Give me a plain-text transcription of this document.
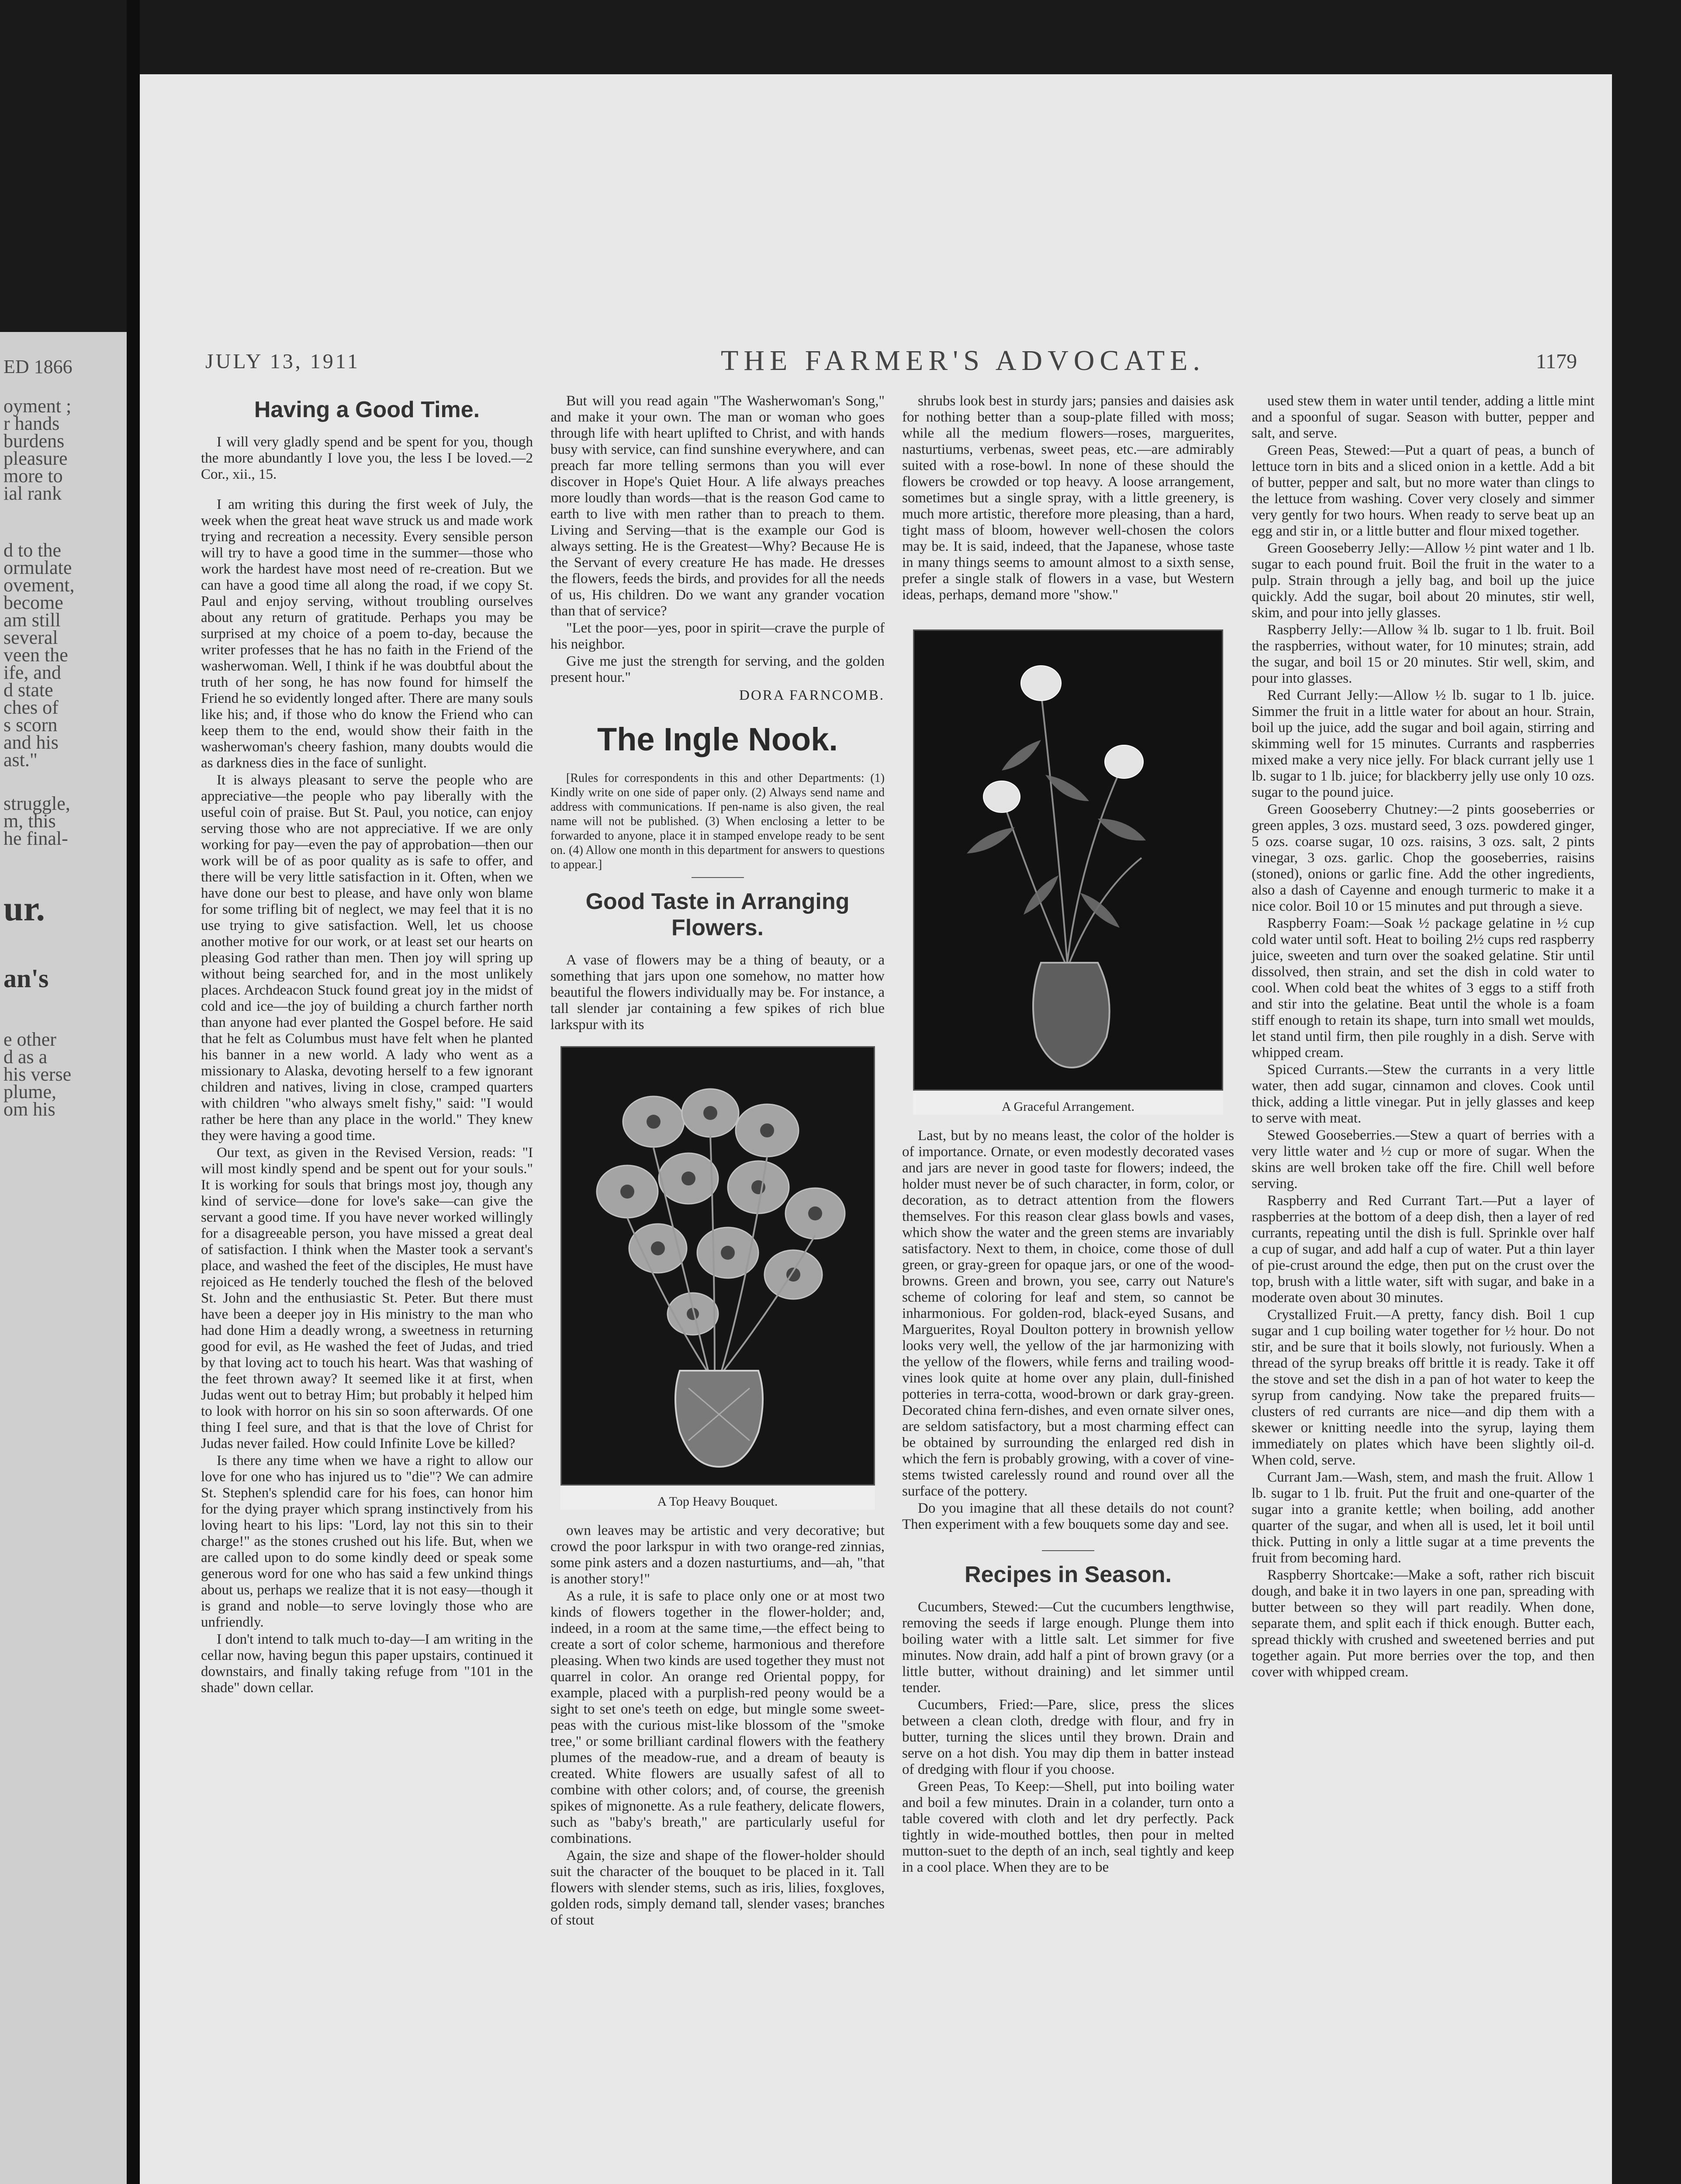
ED 1866
oyment ;
r hands
burdens
pleasure
more to
ial rank
d to the
ormulate
ovement,
become
am still
several
veen the
ife, and
d state
ches of
s scorn
and his
ast."
struggle,
m, this
he final-
ur.
an's
e other
d as a
his verse
plume,
om his
JULY 13, 1911	THE FARMER'S ADVOCATE.	1179
Having a Good Time.

I will very gladly spend and be spent for you, though the more abundantly I love you, the less I be loved.—2 Cor., xii., 15.

I am writing this during the first week of July, the week when the great heat wave struck us and made work trying and recreation a necessity. Every sensible person will try to have a good time in the summer—those who work the hardest have most need of re-creation. But we can have a good time all along the road, if we copy St. Paul and enjoy serving, without troubling ourselves about any return of gratitude. Perhaps you may be surprised at my choice of a poem to-day, because the writer professes that he has no faith in the Friend of the washerwoman. Well, I think if he was doubtful about the truth of her song, he has now found for himself the Friend he so evidently longed after. There are many souls like his; and, if those who do know the Friend who can keep them to the end, would show their faith in the washerwoman's cheery fashion, many doubts would die as darkness dies in the face of sunlight.

It is always pleasant to serve the people who are appreciative—the people who pay liberally with the useful coin of praise. But St. Paul, you notice, can enjoy serving those who are not appreciative. If we are only working for pay—even the pay of approbation—then our work will be of as poor quality as is safe to offer, and there will be very little satisfaction in it. Often, when we have done our best to please, and have only won blame for some trifling bit of neglect, we may feel that it is no use trying to give satisfaction. Well, let us choose another motive for our work, or at least set our hearts on pleasing God rather than men. Then joy will spring up without being searched for, and in the most unlikely places. Archdeacon Stuck found great joy in the midst of cold and ice—the joy of building a church farther north than anyone had ever planted the Gospel before. He said that he felt as Columbus must have felt when he planted his banner in a new world. A lady who went as a missionary to Alaska, devoting herself to a few ignorant children and natives, living in close, cramped quarters with children "who always smelt fishy," said: "I would rather be here than any place in the world." They knew they were having a good time.

Our text, as given in the Revised Version, reads: "I will most kindly spend and be spent out for your souls." It is working for souls that brings most joy, though any kind of service—done for love's sake—can give the servant a good time. If you have never worked willingly for a disagreeable person, you have missed a great deal of satisfaction. I think when the Master took a servant's place, and washed the feet of the disciples, He must have rejoiced as He tenderly touched the flesh of the beloved St. John and the enthusiastic St. Peter. But there must have been a deeper joy in His ministry to the man who had done Him a deadly wrong, a sweetness in returning good for evil, as He washed the feet of Judas, and tried by that loving act to touch his heart. Was that washing of the feet thrown away? It seemed like it at first, when Judas went out to betray Him; but probably it helped him to look with horror on his sin so soon afterwards. Of one thing I feel sure, and that is that the love of Christ for Judas never failed. How could Infinite Love be killed?

Is there any time when we have a right to allow our love for one who has injured us to "die"? We can admire St. Stephen's splendid care for his foes, can honor him for the dying prayer which sprang instinctively from his loving heart to his lips: "Lord, lay not this sin to their charge!" as the stones crushed out his life. But, when we are called upon to do some kindly deed or speak some generous word for one who has said a few unkind things about us, perhaps we realize that it is not easy—though it is grand and noble—to serve lovingly those who are unfriendly.

I don't intend to talk much to-day—I am writing in the cellar now, having begun this paper upstairs, continued it downstairs, and finally taking refuge from "101 in the shade" down cellar.

But will you read again "The Washerwoman's Song," and make it your own. The man or woman who goes through life with heart uplifted to Christ, and with hands busy with service, can find sunshine everywhere, and can preach far more telling sermons than you will ever discover in Hope's Quiet Hour. A life always preaches more loudly than words—that is the reason God came to earth to live with men rather than to preach to them. Living and Serving—that is the example our God is always setting. He is the Greatest—Why? Because He is the Servant of every creature He has made. He dresses the flowers, feeds the birds, and provides for all the needs of us, His children. Do we want any grander vocation than that of service?

"Let the poor—yes, poor in spirit—crave the purple of his neighbor.

Give me just the strength for serving, and the golden present hour."

DORA FARNCOMB.
The Ingle Nook.

[Rules for correspondents in this and other Departments: (1) Kindly write on one side of paper only. (2) Always send name and address with communications. If pen-name is also given, the real name will not be published. (3) When enclosing a letter to be forwarded to anyone, place it in stamped envelope ready to be sent on. (4) Allow one month in this department for answers to questions to appear.]

Good Taste in Arranging Flowers.

A vase of flowers may be a thing of beauty, or a something that jars upon one somehow, no matter how beautiful the flowers individually may be. For instance, a tall slender jar containing a few spikes of rich blue larkspur with its

A Top Heavy Bouquet.

own leaves may be artistic and very decorative; but crowd the poor larkspur in with two orange-red zinnias, some pink asters and a dozen nasturtiums, and—ah, "that is another story!"

As a rule, it is safe to place only one or at most two kinds of flowers together in the flower-holder; and, indeed, in a room at the same time,—the effect being to create a sort of color scheme, harmonious and therefore pleasing. When two kinds are used together they must not quarrel in color. An orange red Oriental poppy, for example, placed with a purplish-red peony would be a sight to set one's teeth on edge, but mingle some sweet-peas with the curious mist-like blossom of the "smoke tree," or some brilliant cardinal flowers with the feathery plumes of the meadow-rue, and a dream of beauty is created. White flowers are usually safest of all to combine with other colors; and, of course, the greenish spikes of mignonette. As a rule feathery, delicate flowers, such as "baby's breath," are particularly useful for combinations.

Again, the size and shape of the flower-holder should suit the character of the bouquet to be placed in it. Tall flowers with slender stems, such as iris, lilies, foxgloves, golden rods, simply demand tall, slender vases; branches of stout

shrubs look best in sturdy jars; pansies and daisies ask for nothing better than a soup-plate filled with moss; while all the medium flowers—roses, marguerites, nasturtiums, verbenas, sweet peas, etc.—are admirably suited with a rose-bowl. In none of these should the flowers be crowded or top heavy. A loose arrangement, sometimes but a single spray, with a little greenery, is much more artistic, therefore more pleasing, than a hard, tight mass of bloom, however well-chosen the colors may be. It is said, indeed, that the Japanese, whose taste in many things seems to amount almost to a sixth sense, prefer a single stalk of flowers in a vase, but Western ideas, perhaps, demand more "show."

A Graceful Arrangement.

Last, but by no means least, the color of the holder is of importance. Ornate, or even modestly decorated vases and jars are never in good taste for flowers; indeed, the holder must never be of such character, in form, color, or decoration, as to detract attention from the flowers themselves. For this reason clear glass bowls and vases, which show the water and the green stems are invariably satisfactory. Next to them, in choice, come those of dull green, or gray-green for opaque jars, or one of the wood-browns. Green and brown, you see, carry out Nature's scheme of coloring for leaf and stem, so cannot be inharmonious. For golden-rod, black-eyed Susans, and Marguerites, Royal Doulton pottery in brownish yellow looks very well, the yellow of the jar harmonizing with the yellow of the flowers, while ferns and trailing wood-vines look quite at home over any plain, dull-finished potteries in terra-cotta, wood-brown or dark gray-green. Decorated china fern-dishes, and even ornate silver ones, are seldom satisfactory, but a most charming effect can be obtained by surrounding the enlarged red dish in which the fern is probably growing, with a cover of vine-stems twisted carelessly round and round over all the surface of the pottery.

Do you imagine that all these details do not count? Then experiment with a few bouquets some day and see.

Recipes in Season.

Cucumbers, Stewed:—Cut the cucumbers lengthwise, removing the seeds if large enough. Plunge them into boiling water with a little salt. Let simmer for five minutes. Now drain, add half a pint of brown gravy (or a little butter, without draining) and let simmer until tender.

Cucumbers, Fried:—Pare, slice, press the slices between a clean cloth, dredge with flour, and fry in butter, turning the slices until they brown. Drain and serve on a hot dish. You may dip them in batter instead of dredging with flour if you choose.

Green Peas, To Keep:—Shell, put into boiling water and boil a few minutes. Drain in a colander, turn onto a table covered with cloth and let dry perfectly. Pack tightly in wide-mouthed bottles, then pour in melted mutton-suet to the depth of an inch, seal tightly and keep in a cool place. When they are to be

used stew them in water until tender, adding a little mint and a spoonful of sugar. Season with butter, pepper and salt, and serve.

Green Peas, Stewed:—Put a quart of peas, a bunch of lettuce torn in bits and a sliced onion in a kettle. Add a bit of butter, pepper and salt, but no more water than clings to the lettuce from washing. Cover very closely and simmer very gently for two hours. When ready to serve beat up an egg and stir in, or a little butter and flour mixed together.

Green Gooseberry Jelly:—Allow ½ pint water and 1 lb. sugar to each pound fruit. Boil the fruit in the water to a pulp. Strain through a jelly bag, and boil up the juice quickly. Add the sugar, boil about 20 minutes, stir well, skim, and pour into jelly glasses.

Raspberry Jelly:—Allow ¾ lb. sugar to 1 lb. fruit. Boil the raspberries, without water, for 10 minutes; strain, add the sugar, and boil 15 or 20 minutes. Stir well, skim, and pour into glasses.

Red Currant Jelly:—Allow ½ lb. sugar to 1 lb. juice. Simmer the fruit in a little water for about an hour. Strain, boil up the juice, add the sugar and boil again, stirring and skimming well for 15 minutes. Currants and raspberries mixed make a very nice jelly. For black currant jelly use 1 lb. sugar to 1 lb. juice; for blackberry jelly use only 10 ozs. sugar to the pound juice.

Green Gooseberry Chutney:—2 pints gooseberries or green apples, 3 ozs. mustard seed, 3 ozs. powdered ginger, 5 ozs. coarse sugar, 10 ozs. raisins, 3 ozs. salt, 2 pints vinegar, 3 ozs. garlic. Chop the gooseberries, raisins (stoned), onions or garlic fine. Add the other ingredients, also a dash of Cayenne and enough turmeric to make it a nice color. Boil 10 or 15 minutes and put through a sieve.

Raspberry Foam:—Soak ½ package gelatine in ½ cup cold water until soft. Heat to boiling 2½ cups red raspberry juice, sweeten and turn over the soaked gelatine. Stir until dissolved, then strain, and set the dish in cold water to cool. When cold beat the whites of 3 eggs to a stiff froth and stir into the gelatine. Beat until the whole is a foam stiff enough to retain its shape, turn into small wet moulds, let stand until firm, then pile roughly in a dish. Serve with whipped cream.

Spiced Currants.—Stew the currants in a very little water, then add sugar, cinnamon and cloves. Cook until thick, adding a little vinegar. Put in jelly glasses and keep to serve with meat.

Stewed Gooseberries.—Stew a quart of berries with a very little water and ½ cup or more of sugar. When the skins are well broken take off the fire. Chill well before serving.

Raspberry and Red Currant Tart.—Put a layer of raspberries at the bottom of a deep dish, then a layer of red currants, repeating until the dish is full. Sprinkle over half a cup of sugar, and add half a cup of water. Put a thin layer of pie-crust around the edge, then put on the crust over the top, brush with a little water, sift with sugar, and bake in a moderate oven about 30 minutes.

Crystallized Fruit.—A pretty, fancy dish. Boil 1 cup sugar and 1 cup boiling water together for ½ hour. Do not stir, and be sure that it boils slowly, not furiously. When a thread of the syrup breaks off brittle it is ready. Take it off the stove and set the dish in a pan of hot water to keep the syrup from candying. Now take the prepared fruits—clusters of red currants are nice—and dip them with a skewer or knitting needle into the syrup, laying them immediately on plates which have been slightly oil-d. When cold, serve.

Currant Jam.—Wash, stem, and mash the fruit. Allow 1 lb. sugar to 1 lb. fruit. Put the fruit and one-quarter of the sugar into a granite kettle; when boiling, add another quarter of the sugar, and when all is used, let it boil until thick. Putting in only a little sugar at a time prevents the fruit from becoming hard.

Raspberry Shortcake:—Make a soft, rather rich biscuit dough, and bake it in two layers in one pan, spreading with butter between so they will part readily. When done, separate them, and split each if thick enough. Butter each, spread thickly with crushed and sweetened berries and put together again. Put more berries over the top, and then cover with whipped cream.
